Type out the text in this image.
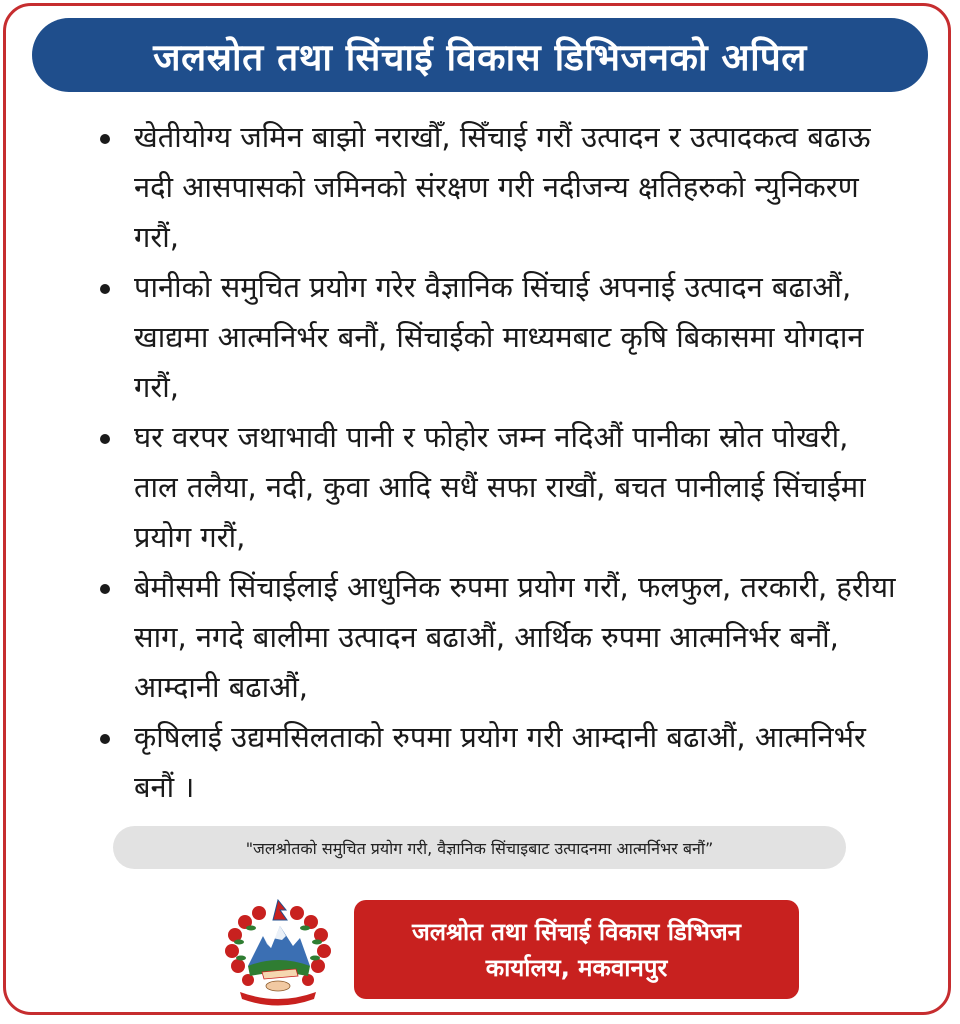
जलस्रोत तथा सिंचाई विकास डिभिजनको अपिल
खेतीयोग्य जमिन बाझो नराखौँ, सिँचाई गरौं उत्पादन र उत्पादकत्व बढाऊ नदी आसपासको जमिनको संरक्षण गरी नदीजन्य क्षतिहरुको न्युनिकरण गरौं,
पानीको समुचित प्रयोग गरेर वैज्ञानिक सिंचाई अपनाई उत्पादन बढाऔं, खाद्यमा आत्मनिर्भर बनौं, सिंचाईको माध्यमबाट कृषि बिकासमा योगदान गरौं,
घर वरपर जथाभावी पानी र फोहोर जम्न नदिऔं पानीका स्रोत पोखरी, ताल तलैया, नदी, कुवा आदि सधैं सफा राखौं, बचत पानीलाई सिंचाईमा प्रयोग गरौं,
बेमौसमी सिंचाईलाई आधुनिक रुपमा प्रयोग गरौं, फलफुल, तरकारी, हरीया साग, नगदे बालीमा उत्पादन बढाऔं, आर्थिक रुपमा आत्मनिर्भर बनौं, आम्दानी बढाऔं,
कृषिलाई उद्यमसिलताको रुपमा प्रयोग गरी आम्दानी बढाऔं, आत्मनिर्भर बनौं ।
"जलश्रोतको समुचित प्रयोग गरी, वैज्ञानिक सिंचाइबाट उत्पादनमा आत्मर्निभर बनौं”
जलश्रोत तथा सिंचाई विकास डिभिजन
कार्यालय, मकवानपुर
